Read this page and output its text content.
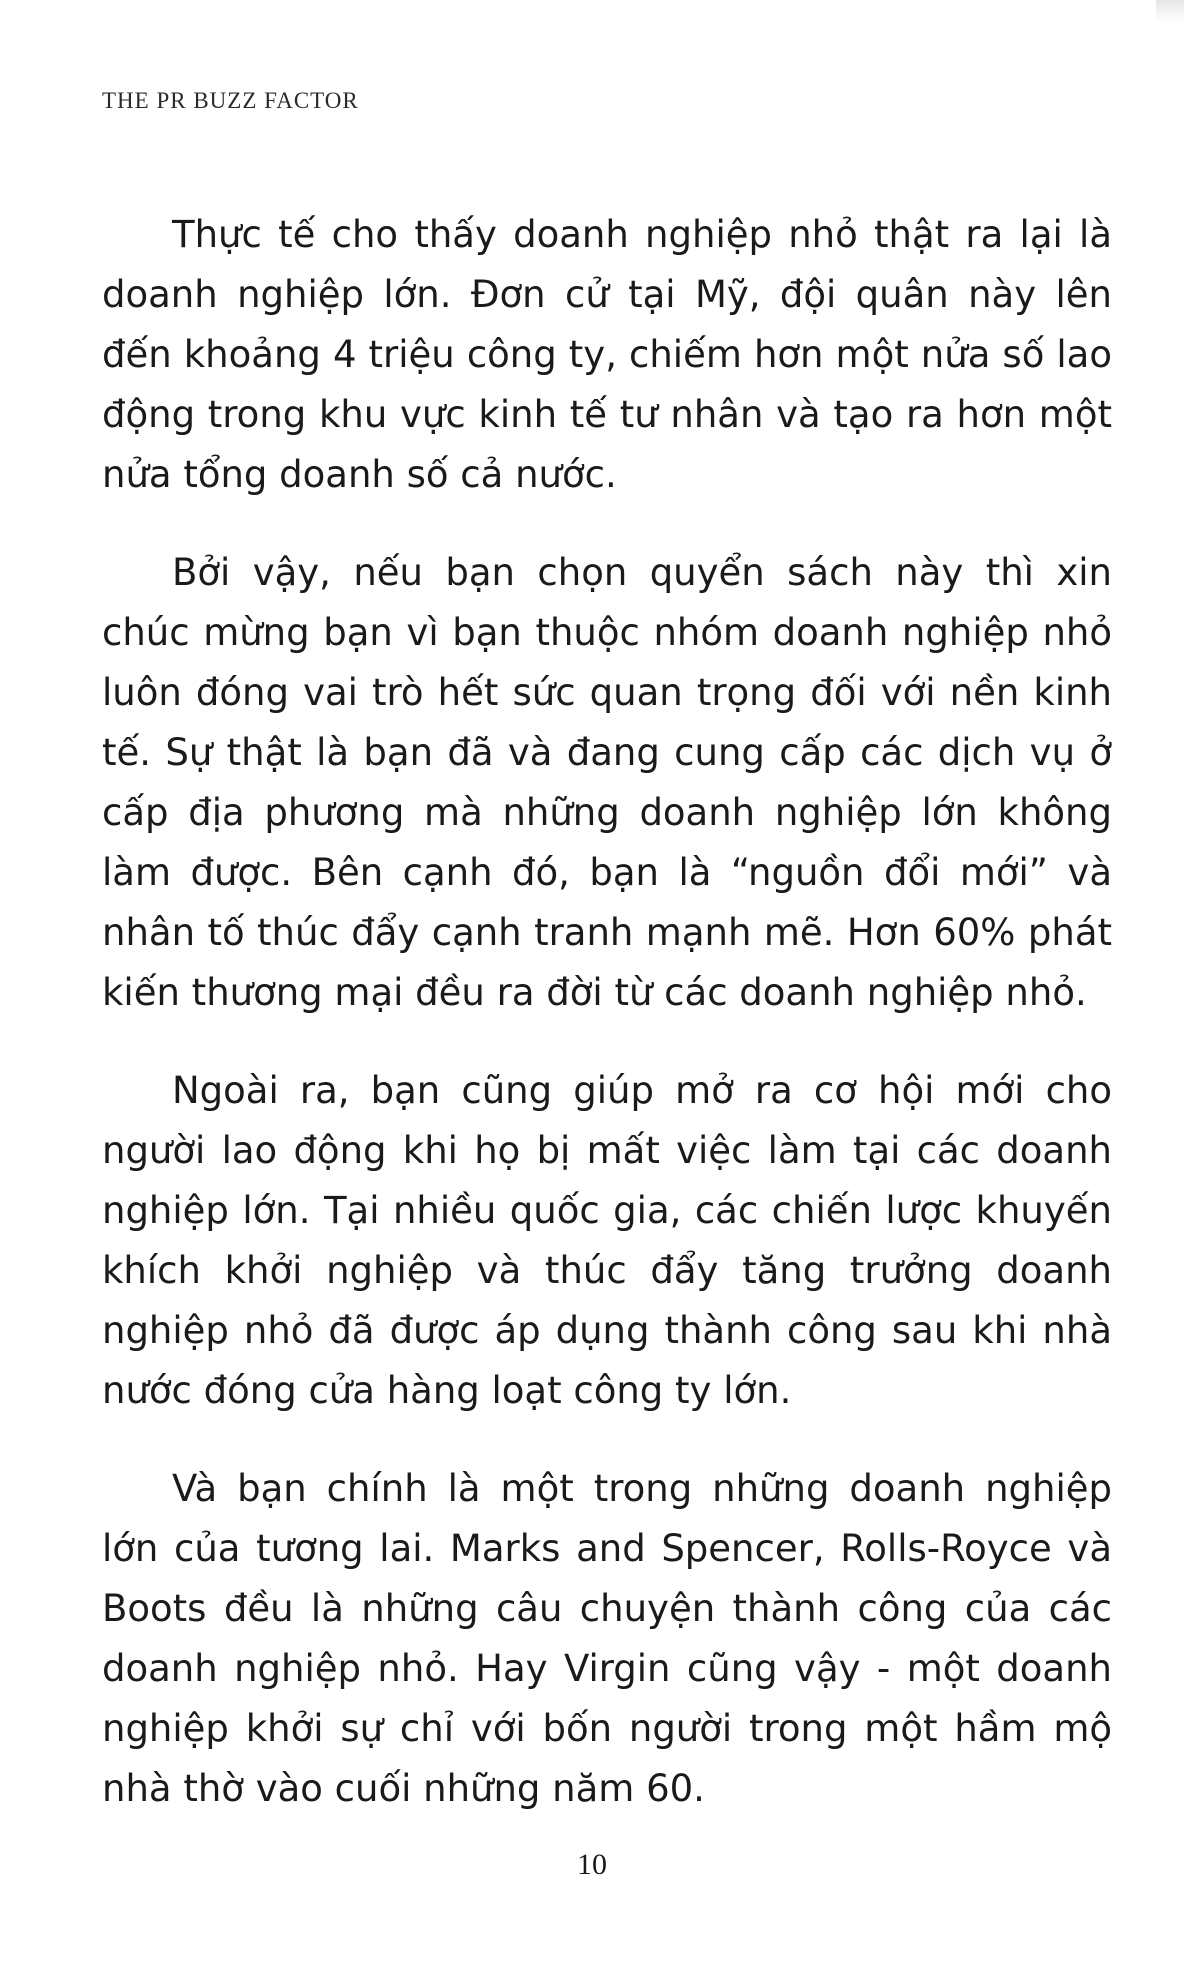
THE PR BUZZ FACTOR

Thực tế cho thấy doanh nghiệp nhỏ thật ra lại là doanh nghiệp lớn. Đơn cử tại Mỹ, đội quân này lên đến khoảng 4 triệu công ty, chiếm hơn một nửa số lao động trong khu vực kinh tế tư nhân và tạo ra hơn một nửa tổng doanh số cả nước.

Bởi vậy, nếu bạn chọn quyển sách này thì xin chúc mừng bạn vì bạn thuộc nhóm doanh nghiệp nhỏ luôn đóng vai trò hết sức quan trọng đối với nền kinh tế. Sự thật là bạn đã và đang cung cấp các dịch vụ ở cấp địa phương mà những doanh nghiệp lớn không làm được. Bên cạnh đó, bạn là “nguồn đổi mới” và nhân tố thúc đẩy cạnh tranh mạnh mẽ. Hơn 60% phát kiến thương mại đều ra đời từ các doanh nghiệp nhỏ.

Ngoài ra, bạn cũng giúp mở ra cơ hội mới cho người lao động khi họ bị mất việc làm tại các doanh nghiệp lớn. Tại nhiều quốc gia, các chiến lược khuyến khích khởi nghiệp và thúc đẩy tăng trưởng doanh nghiệp nhỏ đã được áp dụng thành công sau khi nhà nước đóng cửa hàng loạt công ty lớn.

Và bạn chính là một trong những doanh nghiệp lớn của tương lai. Marks and Spencer, Rolls-Royce và Boots đều là những câu chuyện thành công của các doanh nghiệp nhỏ. Hay Virgin cũng vậy - một doanh nghiệp khởi sự chỉ với bốn người trong một hầm mộ nhà thờ vào cuối những năm 60.

10
